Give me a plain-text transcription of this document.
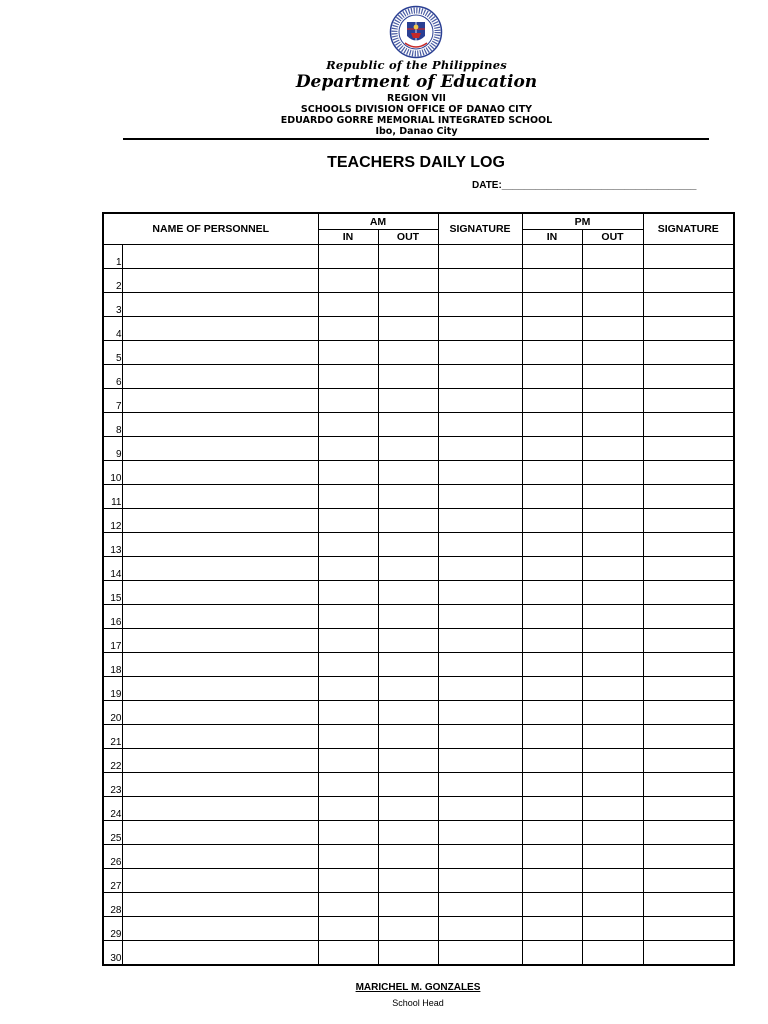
Republic of the Philippines
Department of Education
REGION VII
SCHOOLS DIVISION OFFICE OF DANAO CITY
EDUARDO GORRE MEMORIAL INTEGRATED SCHOOL
Ibo, Danao City
TEACHERS DAILY LOG
DATE:___________________________________
NAME OF PERSONNEL		AM		SIGNATURE	PM		SIGNATURE
		IN	OUT		IN	OUT	
1							
2							
3							
4							
5							
6							
7							
8							
9							
10							
11							
12							
13							
14							
15							
16							
17							
18							
19							
20							
21							
22							
23							
24							
25							
26							
27							
28							
29							
30							
MARICHEL M. GONZALES
School Head
